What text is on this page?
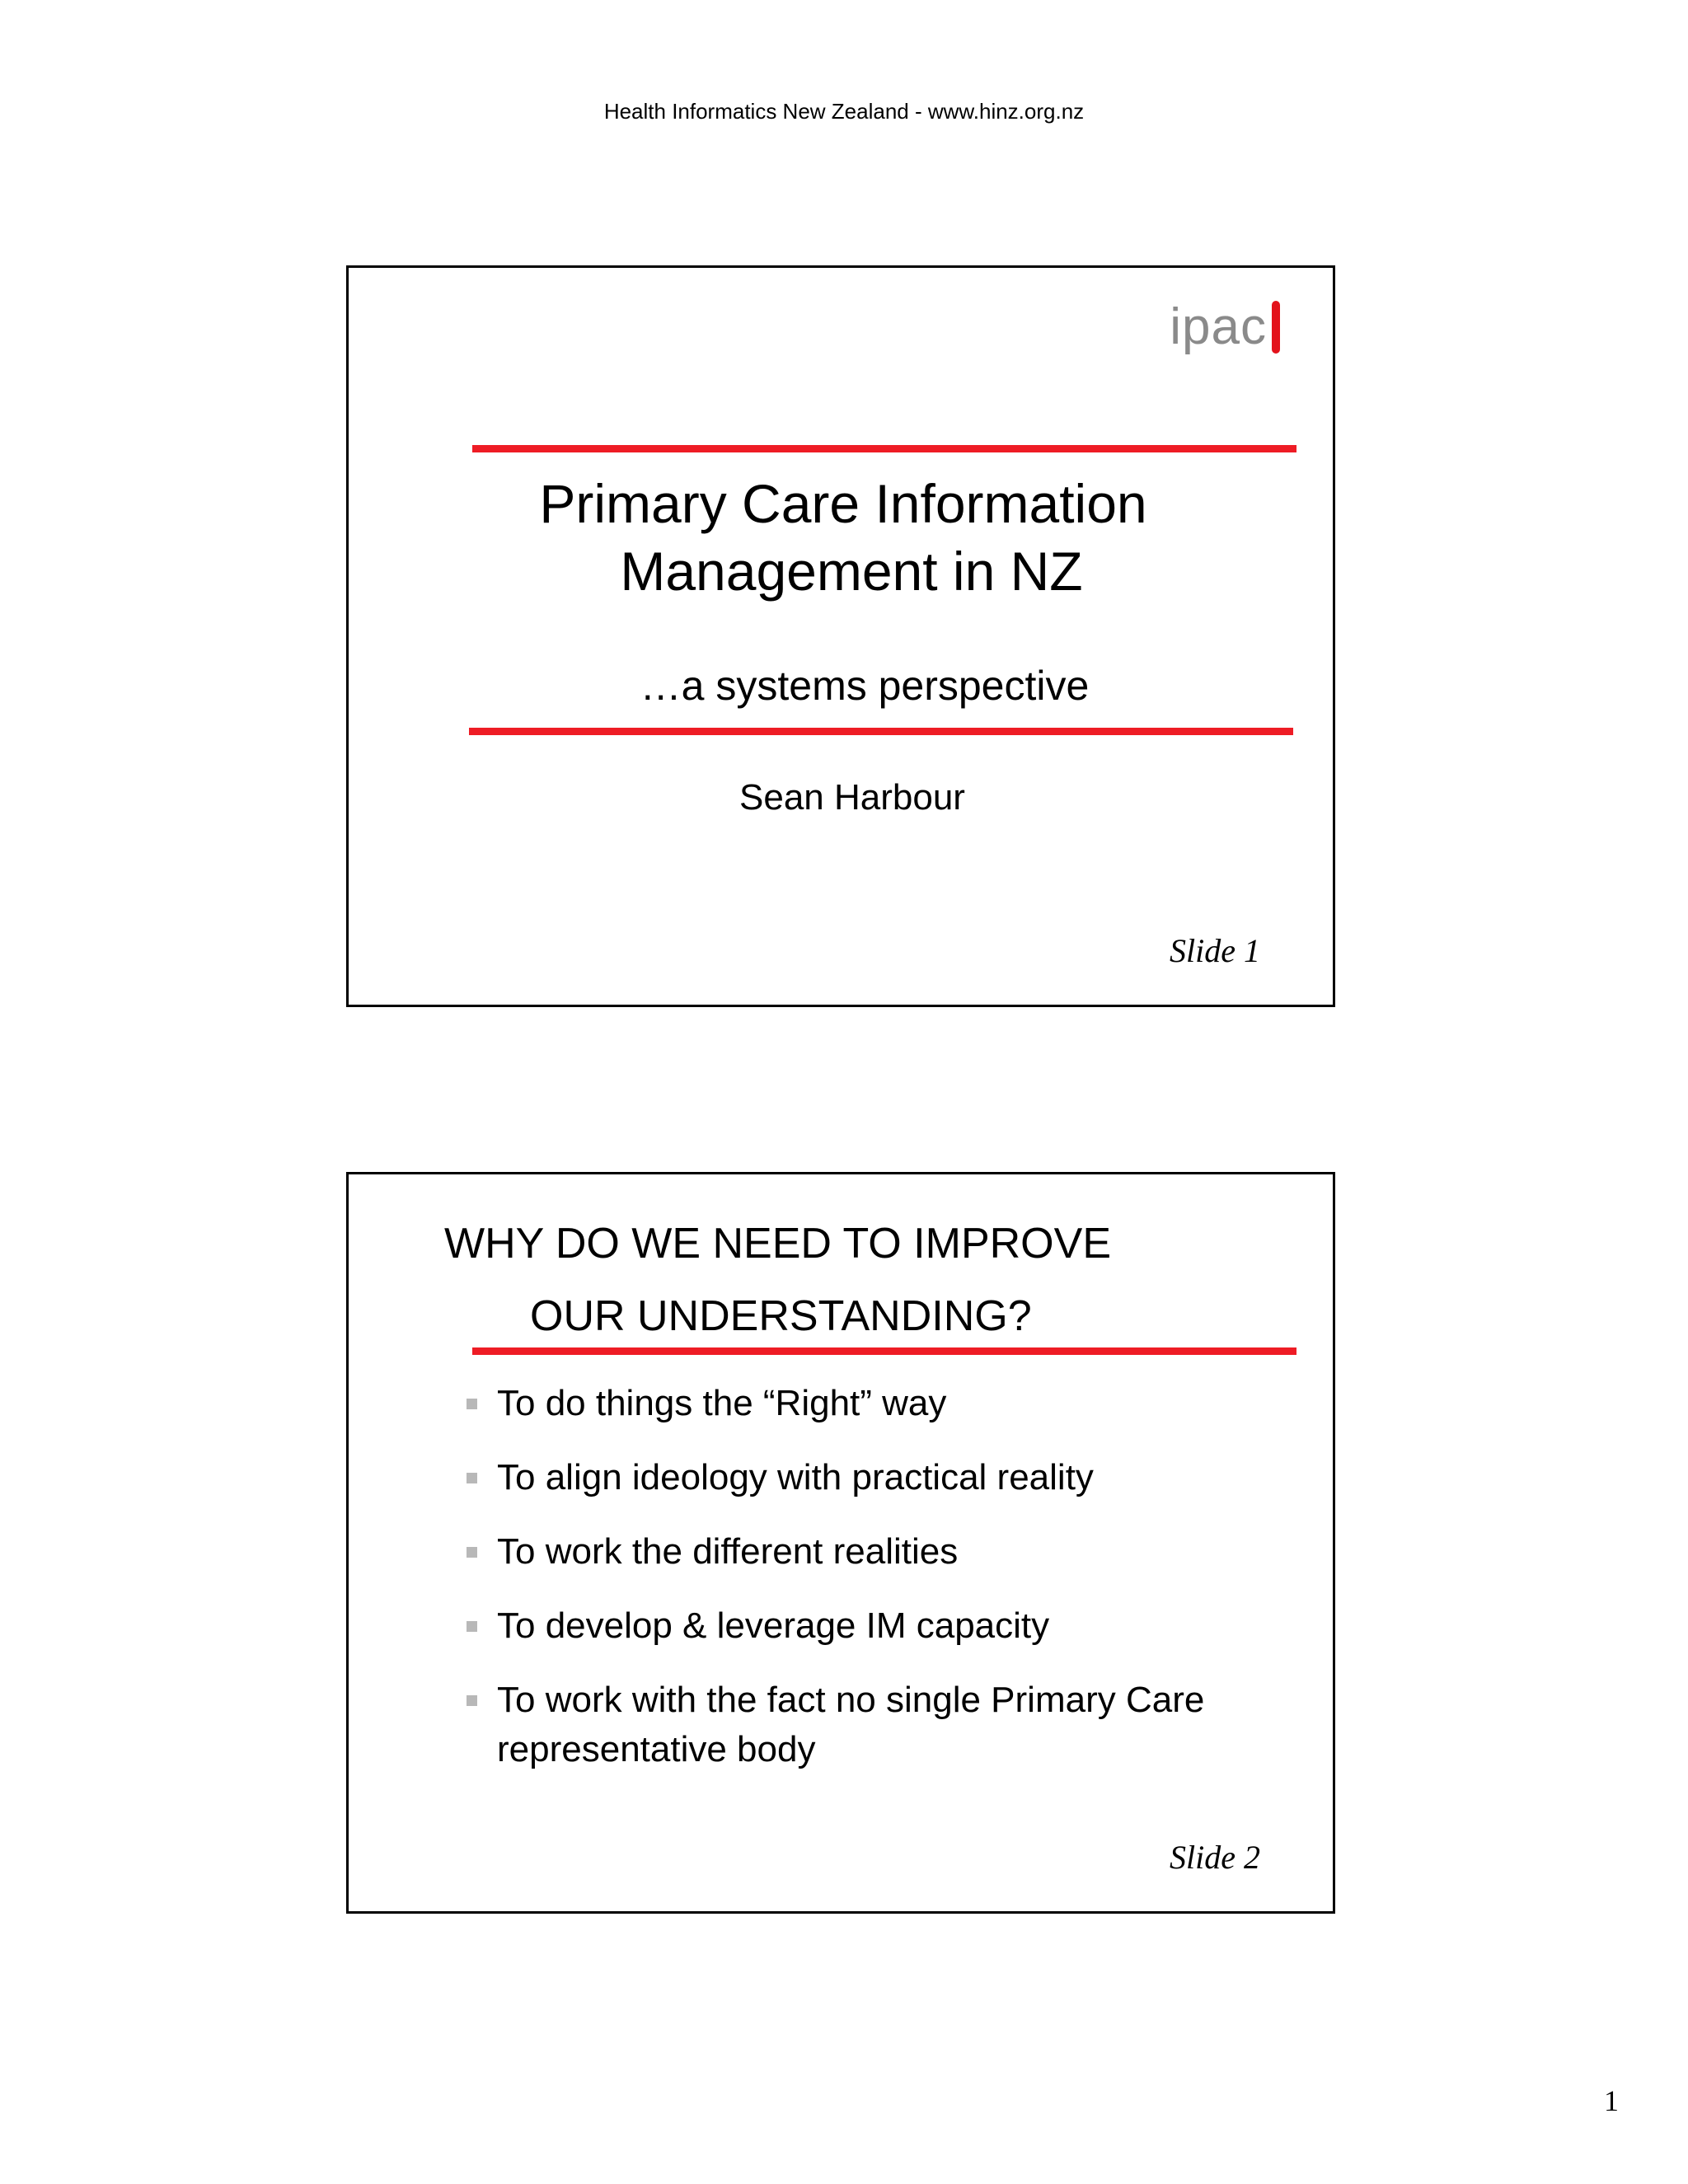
Health Informatics New Zealand - www.hinz.org.nz
ipac
Primary Care Information
Management in NZ
…a systems perspective
Sean Harbour
Slide 1
WHY DO WE NEED TO IMPROVE
OUR UNDERSTANDING?
To do things the “Right” way
To align ideology with practical reality
To work the different realities
To develop & leverage IM capacity
To work with the fact no single Primary Care representative body
Slide 2
1
